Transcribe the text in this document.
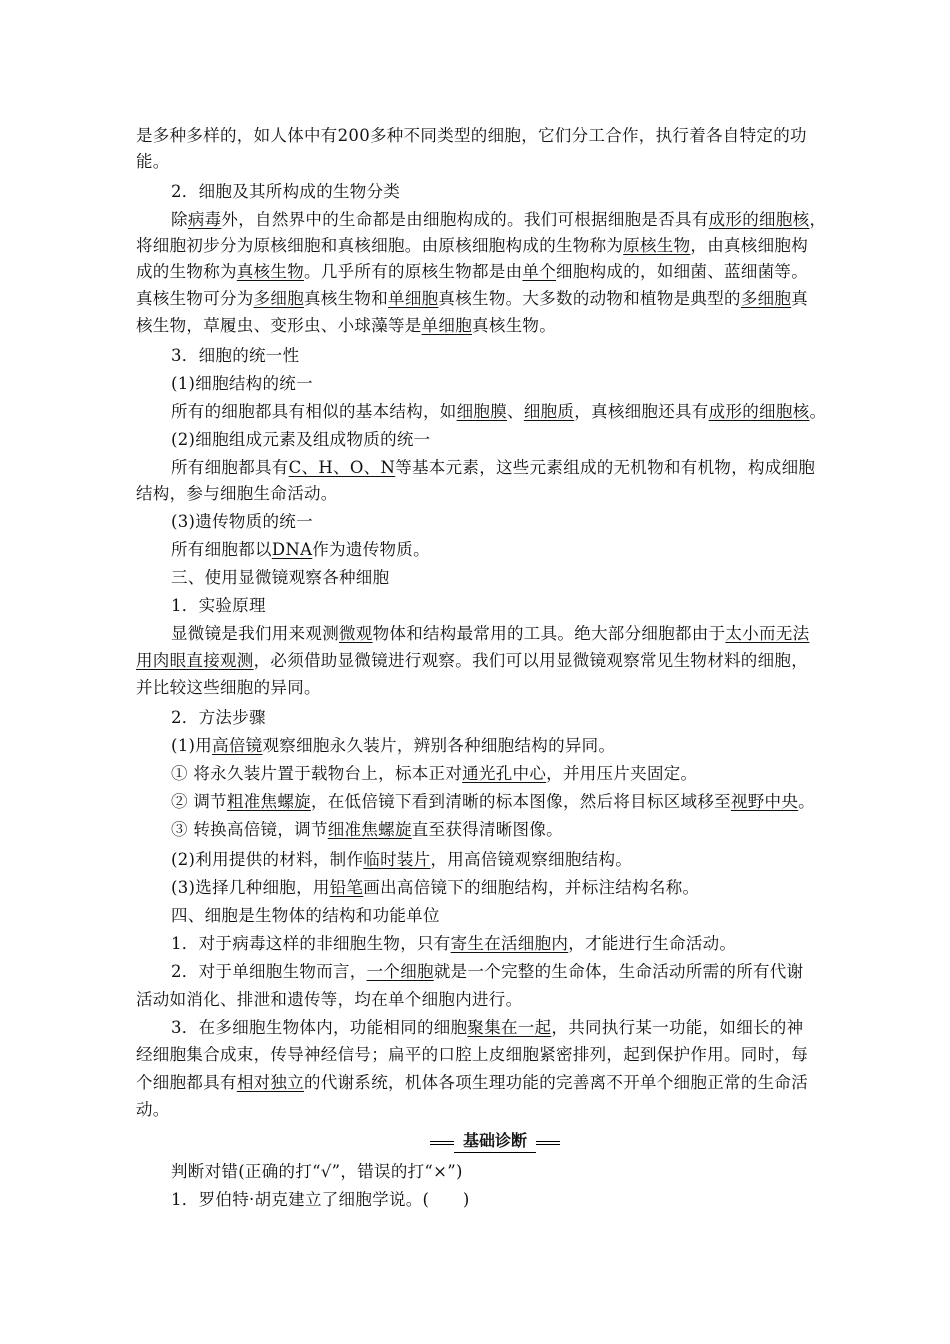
基础诊断
是多种多样的，如人体中有200多种不同类型的细胞，它们分工合作，执行着各自特定的功
能。
2．细胞及其所构成的生物分类
除病毒外，自然界中的生命都是由细胞构成的。我们可根据细胞是否具有成形的细胞核，
将细胞初步分为原核细胞和真核细胞。由原核细胞构成的生物称为原核生物，由真核细胞构
成的生物称为真核生物。几乎所有的原核生物都是由单个细胞构成的，如细菌、蓝细菌等。
真核生物可分为多细胞真核生物和单细胞真核生物。大多数的动物和植物是典型的多细胞真
核生物，草履虫、变形虫、小球藻等是单细胞真核生物。
3．细胞的统一性
(1)细胞结构的统一
所有的细胞都具有相似的基本结构，如细胞膜、细胞质，真核细胞还具有成形的细胞核。
(2)细胞组成元素及组成物质的统一
所有细胞都具有C、H、O、N等基本元素，这些元素组成的无机物和有机物，构成细胞
结构，参与细胞生命活动。
(3)遗传物质的统一
所有细胞都以DNA作为遗传物质。
三、使用显微镜观察各种细胞
1．实验原理
显微镜是我们用来观测微观物体和结构最常用的工具。绝大部分细胞都由于太小而无法
用肉眼直接观测，必须借助显微镜进行观察。我们可以用显微镜观察常见生物材料的细胞，
并比较这些细胞的异同。
2．方法步骤
(1)用高倍镜观察细胞永久装片，辨别各种细胞结构的异同。
① 将永久装片置于载物台上，标本正对通光孔中心，并用压片夹固定。
② 调节粗准焦螺旋，在低倍镜下看到清晰的标本图像，然后将目标区域移至视野中央。
③ 转换高倍镜，调节细准焦螺旋直至获得清晰图像。
(2)利用提供的材料，制作临时装片，用高倍镜观察细胞结构。
(3)选择几种细胞，用铅笔画出高倍镜下的细胞结构，并标注结构名称。
四、细胞是生物体的结构和功能单位
1．对于病毒这样的非细胞生物，只有寄生在活细胞内，才能进行生命活动。
2．对于单细胞生物而言，一个细胞就是一个完整的生命体，生命活动所需的所有代谢
活动如消化、排泄和遗传等，均在单个细胞内进行。
3．在多细胞生物体内，功能相同的细胞聚集在一起，共同执行某一功能，如细长的神
经细胞集合成束，传导神经信号；扁平的口腔上皮细胞紧密排列，起到保护作用。同时，每
个细胞都具有相对独立的代谢系统，机体各项生理功能的完善离不开单个细胞正常的生命活
动。
判断对错(正确的打“√”，错误的打“×”)
1．罗伯特·胡克建立了细胞学说。(　　)
